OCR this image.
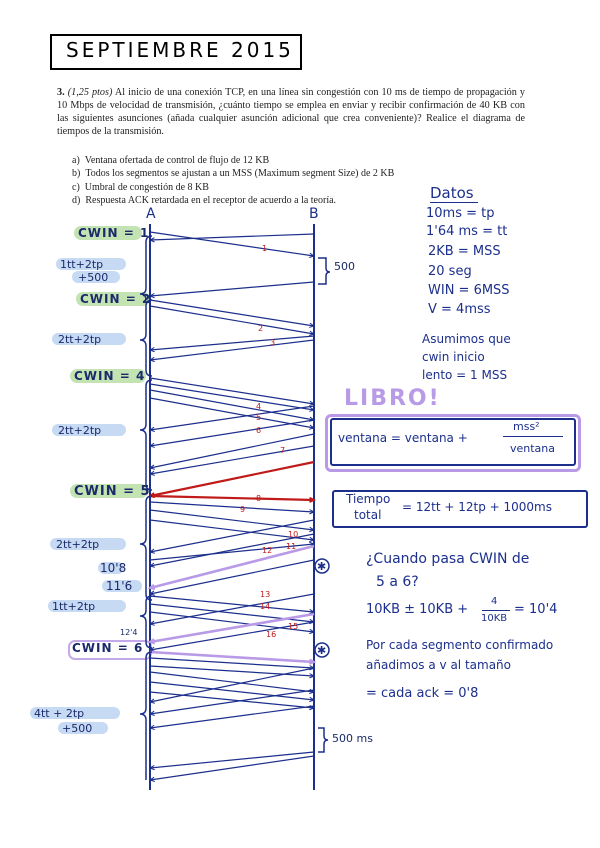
SEPTIEMBRE 2015
3. (1,25 ptos) Al inicio de una conexión TCP, en una línea sin congestión con 10 ms de tiempo de propagación y 10 Mbps de velocidad de transmisión, ¿cuánto tiempo se emplea en enviar y recibir confirmación de 40 KB con las siguientes asunciones (añada cualquier asunción adicional que crea conveniente)? Realice el diagrama de tiempos de la transmisión.
a)  Ventana ofertada de control de flujo de 12 KB
b)  Todos los segmentos se ajustan a un MSS (Maximum segment Size) de 2 KB
c)  Umbral de congestión de 8 KB
d)  Respuesta ACK retardada en el receptor de acuerdo a la teoría.
✱
✱
A	B
CWIN = 1
1tt+2tp
+500
CWIN = 2
2tt+2tp
CWIN = 4
2tt+2tp
CWIN = 5
2tt+2tp
10'8
11'6
1tt+2tp
12'4
CWIN = 6
4tt + 2tp
+500
500
500 ms
1
2
3
4
5
6
7
8
9
10
11
12
13
14
15
16
Datos
10ms = tp
1'64 ms = tt
2KB = MSS
20 seg
WIN = 6MSS
V = 4mss
Asumimos que
cwin inicio
lento = 1 MSS
LIBRO!
ventana = ventana +
mss²
ventana
Tiempo
total
= 12tt + 12tp + 1000ms
¿Cuando pasa CWIN de
5 a 6?
10KB ± 10KB +
4
10KB
= 10'4
Por cada segmento confirmado
añadimos a v al tamaño
= cada ack = 0'8
